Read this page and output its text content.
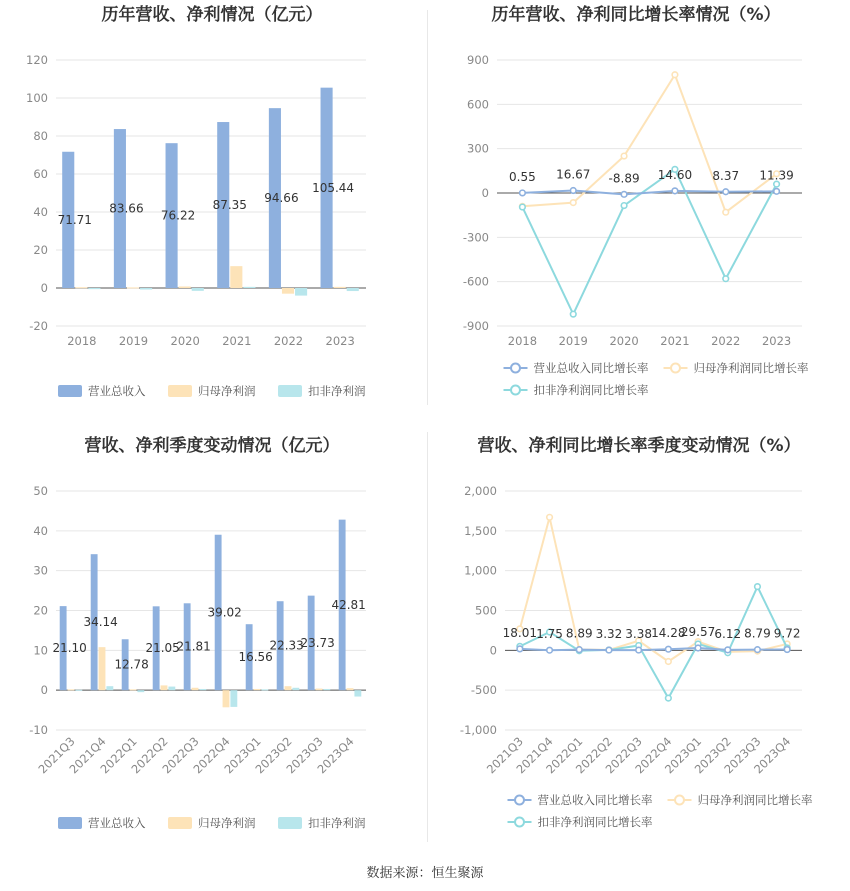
历年营收、净利情况（亿元）
-20
0
20
40
60
80
100
120
2018 2019 2020 2021 2022 2023
71.71
83.66
76.22
87.35 94.66
105.44
营业总收入	归母净利润	扣非净利润
历年营收、净利同比增长率情况（%）
-900
-600
-300
0
300
600
900
2018 2019 2020 2021 2022 2023
0.55 16.67 -8.89 14.60 8.37 11.39
营业总收入同比增长率	归母净利润同比增长率
扣非净利润同比增长率
营收、净利季度变动情况（亿元）
-10
0
10
20
30
40
50
2021Q3
2021Q4
2022Q1
2022Q2
2022Q3
2022Q4
2023Q1
2023Q2
2023Q3
2023Q4
21.10
34.14
12.78
21.05
21.81
39.02
16.56
22.33
23.73
42.81
营业总收入	归母净利润	扣非净利润
营收、净利同比增长率季度变动情况（%）
-1,000
-500
0
500
1,000
1,500
2,000
2021Q3
2021Q4
2022Q1
2022Q2
2022Q3
2022Q4
2023Q1
2023Q2
2023Q3
2023Q4
18.01 1.75 8.89 3.32 3.38 14.28
29.57 6.12 8.79 9.72
营业总收入同比增长率	归母净利润同比增长率
扣非净利润同比增长率
数据来源：恒生聚源
